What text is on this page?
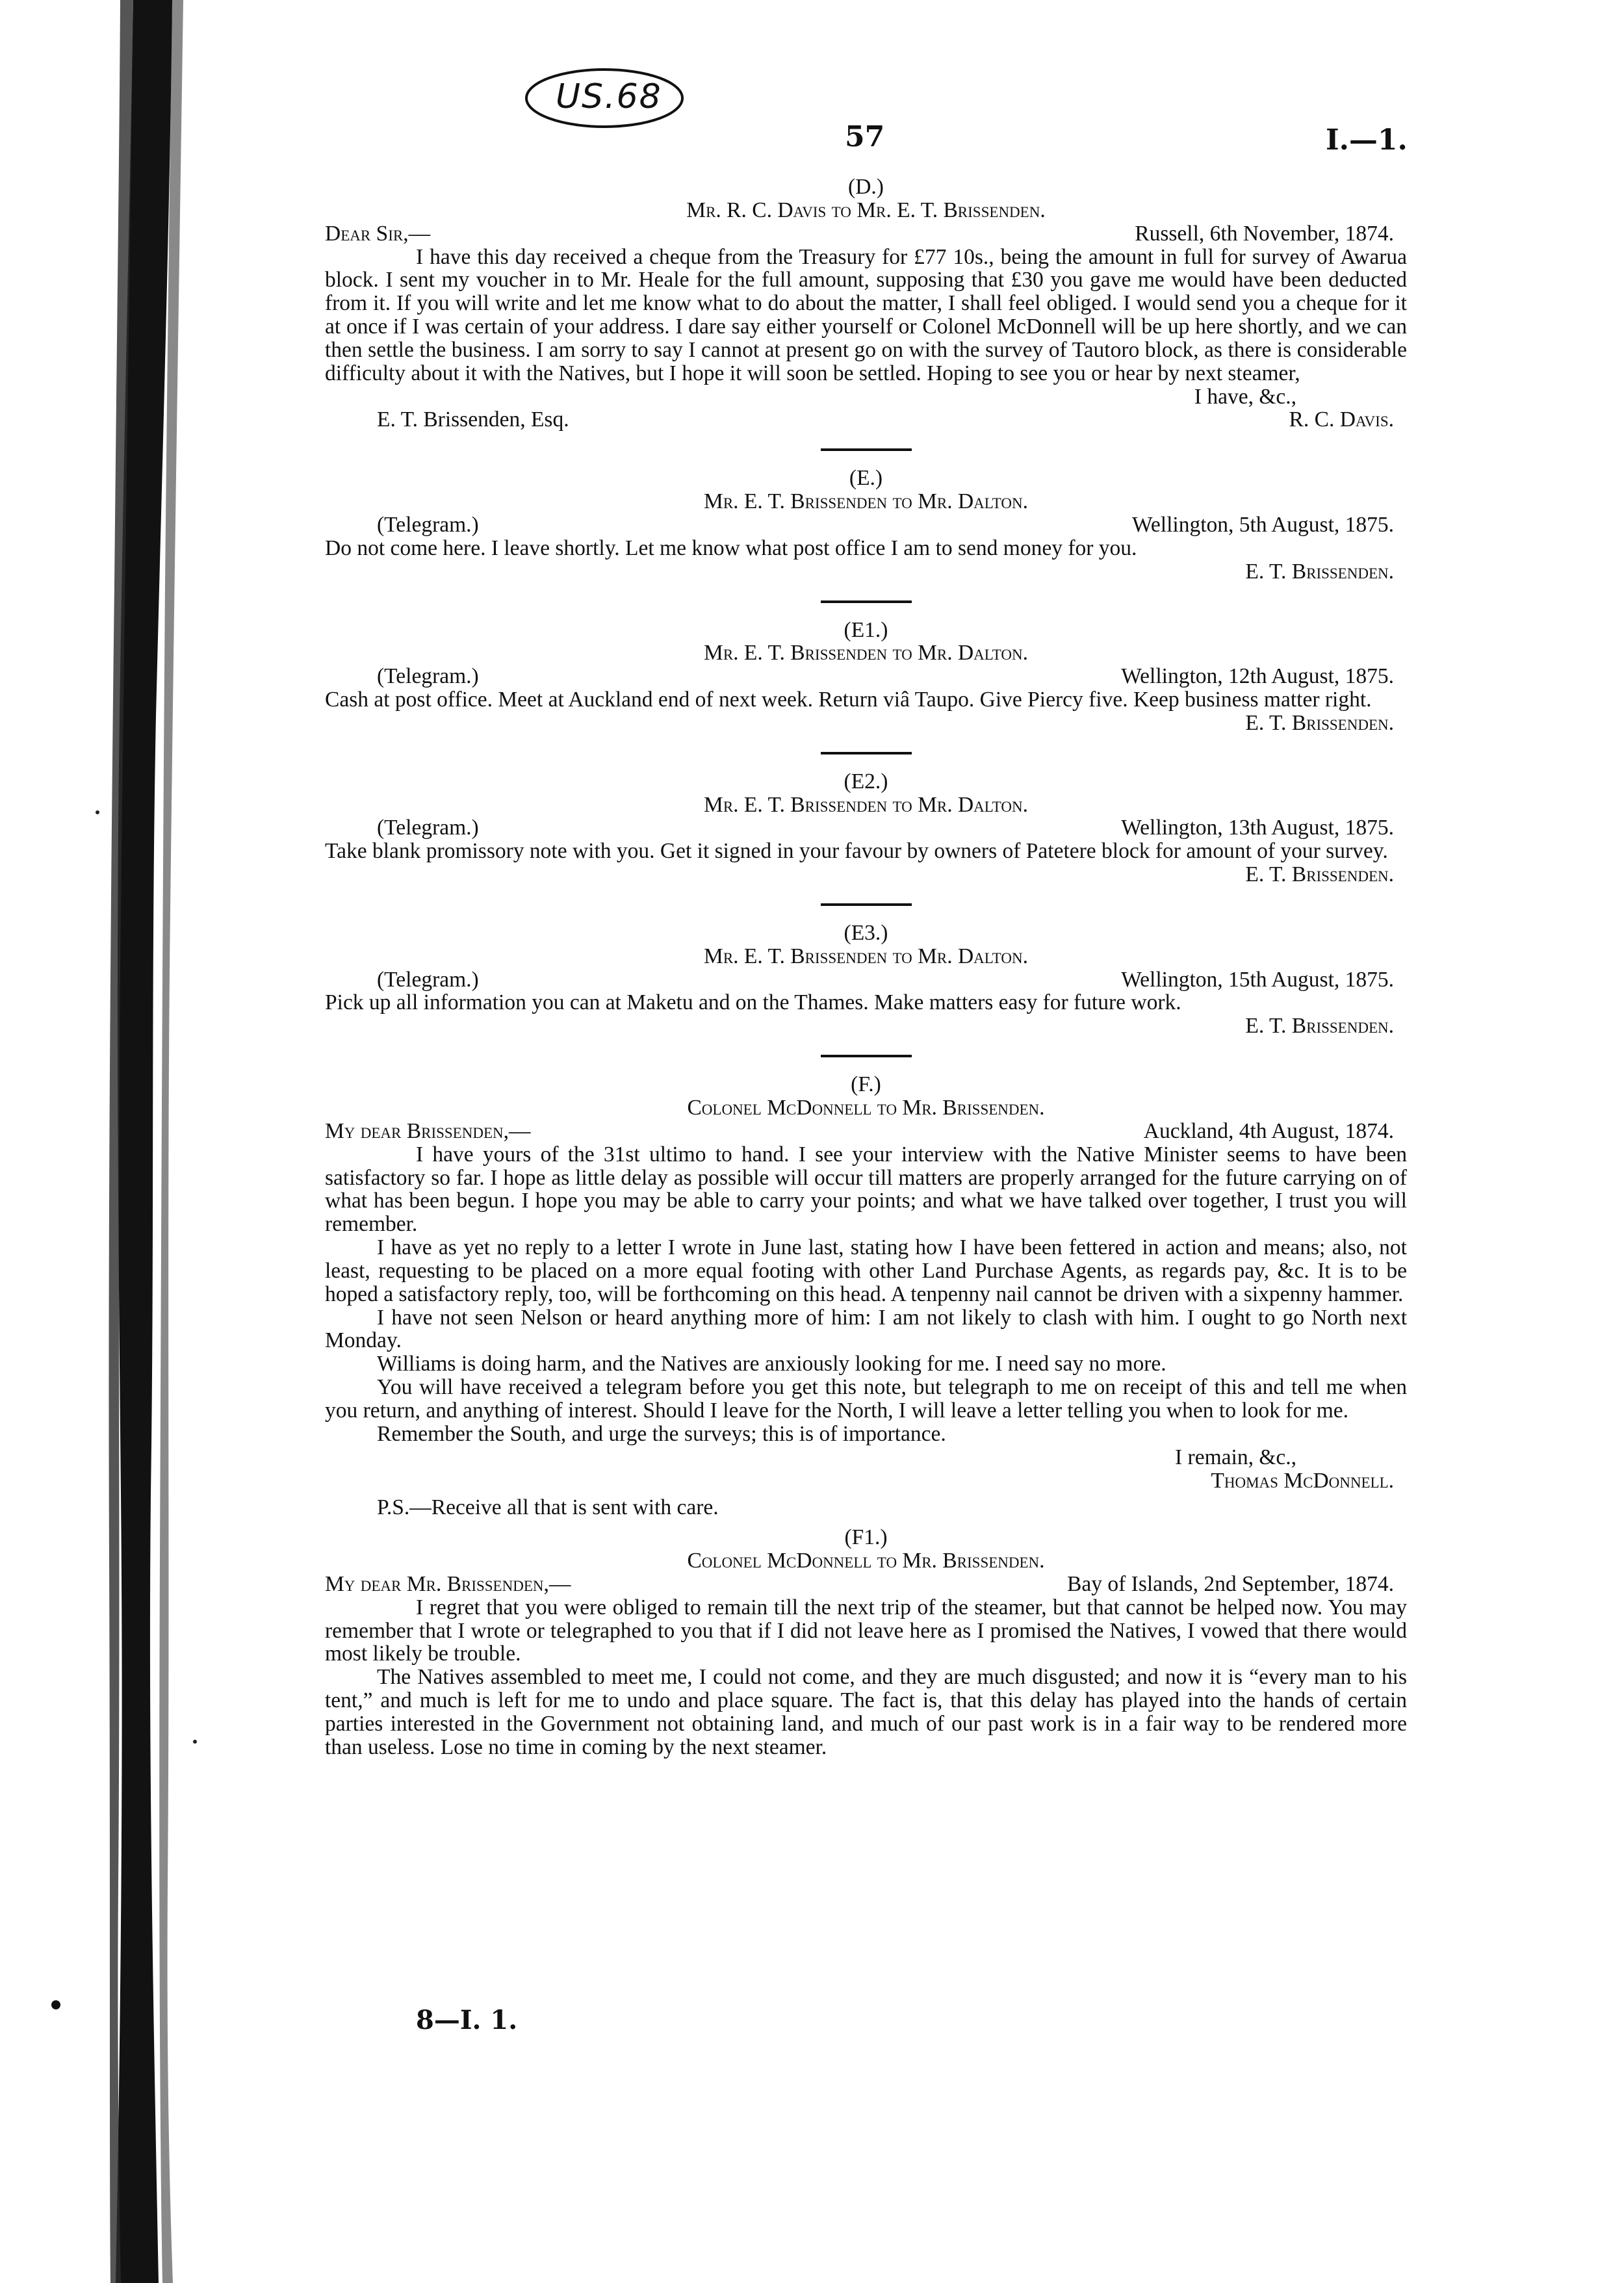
US.68
57	I.—1.
(D.)
Mr. R. C. Davis to Mr. E. T. Brissenden.
Dear Sir,—	Russell, 6th November, 1874.

I have this day received a cheque from the Treasury for £77 10s., being the amount in full for survey of Awarua block. I sent my voucher in to Mr. Heale for the full amount, supposing that £30 you gave me would have been deducted from it. If you will write and let me know what to do about the matter, I shall feel obliged. I would send you a cheque for it at once if I was certain of your address. I dare say either yourself or Colonel McDonnell will be up here shortly, and we can then settle the business. I am sorry to say I cannot at present go on with the survey of Tautoro block, as there is considerable difficulty about it with the Natives, but I hope it will soon be settled. Hoping to see you or hear by next steamer,

I have, &c.,
E. T. Brissenden, Esq.	R. C. Davis.
(E.)
Mr. E. T. Brissenden to Mr. Dalton.
(Telegram.)	Wellington, 5th August, 1875.

Do not come here. I leave shortly. Let me know what post office I am to send money for you.

E. T. Brissenden.
(E1.)
Mr. E. T. Brissenden to Mr. Dalton.
(Telegram.)	Wellington, 12th August, 1875.

Cash at post office. Meet at Auckland end of next week. Return viâ Taupo. Give Piercy five. Keep business matter right.

E. T. Brissenden.
(E2.)
Mr. E. T. Brissenden to Mr. Dalton.
(Telegram.)	Wellington, 13th August, 1875.

Take blank promissory note with you. Get it signed in your favour by owners of Patetere block for amount of your survey.

E. T. Brissenden.
(E3.)
Mr. E. T. Brissenden to Mr. Dalton.
(Telegram.)	Wellington, 15th August, 1875.

Pick up all information you can at Maketu and on the Thames. Make matters easy for future work.

E. T. Brissenden.
(F.)
Colonel McDonnell to Mr. Brissenden.
My dear Brissenden,—	Auckland, 4th August, 1874.

I have yours of the 31st ultimo to hand. I see your interview with the Native Minister seems to have been satisfactory so far. I hope as little delay as possible will occur till matters are properly arranged for the future carrying on of what has been begun. I hope you may be able to carry your points; and what we have talked over together, I trust you will remember.

I have as yet no reply to a letter I wrote in June last, stating how I have been fettered in action and means; also, not least, requesting to be placed on a more equal footing with other Land Purchase Agents, as regards pay, &c. It is to be hoped a satisfactory reply, too, will be forthcoming on this head. A tenpenny nail cannot be driven with a sixpenny hammer.

I have not seen Nelson or heard anything more of him: I am not likely to clash with him. I ought to go North next Monday.

Williams is doing harm, and the Natives are anxiously looking for me. I need say no more.

You will have received a telegram before you get this note, but telegraph to me on receipt of this and tell me when you return, and anything of interest. Should I leave for the North, I will leave a letter telling you when to look for me.

Remember the South, and urge the surveys; this is of importance.

I remain, &c.,
Thomas McDonnell.
P.S.—Receive all that is sent with care.
(F1.)
Colonel McDonnell to Mr. Brissenden.
My dear Mr. Brissenden,—	Bay of Islands, 2nd September, 1874.

I regret that you were obliged to remain till the next trip of the steamer, but that cannot be helped now. You may remember that I wrote or telegraphed to you that if I did not leave here as I promised the Natives, I vowed that there would most likely be trouble.

The Natives assembled to meet me, I could not come, and they are much disgusted; and now it is “every man to his tent,” and much is left for me to undo and place square. The fact is, that this delay has played into the hands of certain parties interested in the Government not obtaining land, and much of our past work is in a fair way to be rendered more than useless. Lose no time in coming by the next steamer.

8—I. 1.
